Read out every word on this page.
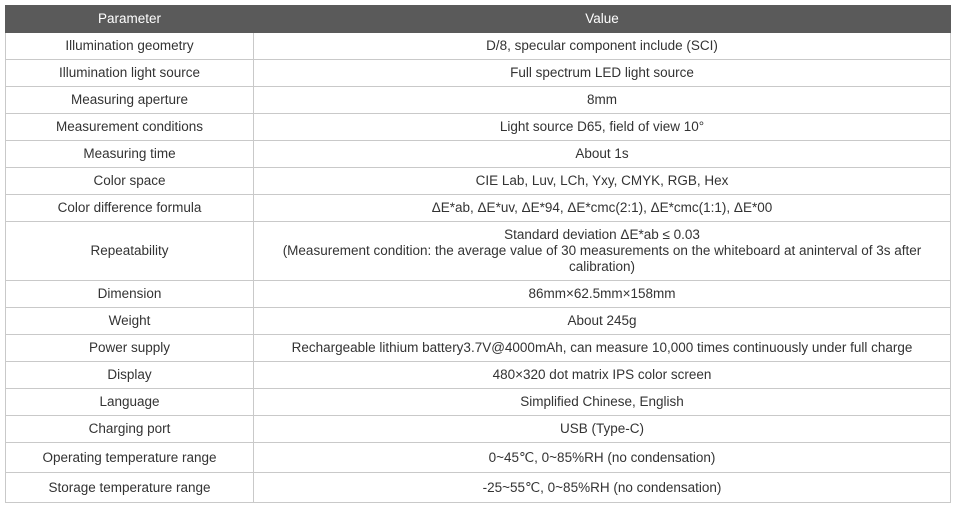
Parameter	Value
Illumination geometry	D/8, specular component include (SCI)
Illumination light source	Full spectrum LED light source
Measuring aperture	8mm
Measurement conditions	Light source D65, field of view 10°
Measuring time	About 1s
Color space	CIE Lab, Luv, LCh, Yxy, CMYK, RGB, Hex
Color difference formula	ΔE*ab, ΔE*uv, ΔE*94, ΔE*cmc(2:1), ΔE*cmc(1:1), ΔE*00
Repeatability	Standard deviation ΔE*ab ≤ 0.03
(Measurement condition: the average value of 30 measurements on the whiteboard at aninterval of 3s after
calibration)

Dimension	86mm×62.5mm×158mm
Weight	About 245g
Power supply	Rechargeable lithium battery3.7V@4000mAh, can measure 10,000 times continuously under full charge
Display	480×320 dot matrix IPS color screen
Language	Simplified Chinese, English
Charging port	USB (Type-C)
Operating temperature range	0~45℃, 0~85%RH (no condensation)
Storage temperature range	-25~55℃, 0~85%RH (no condensation)
